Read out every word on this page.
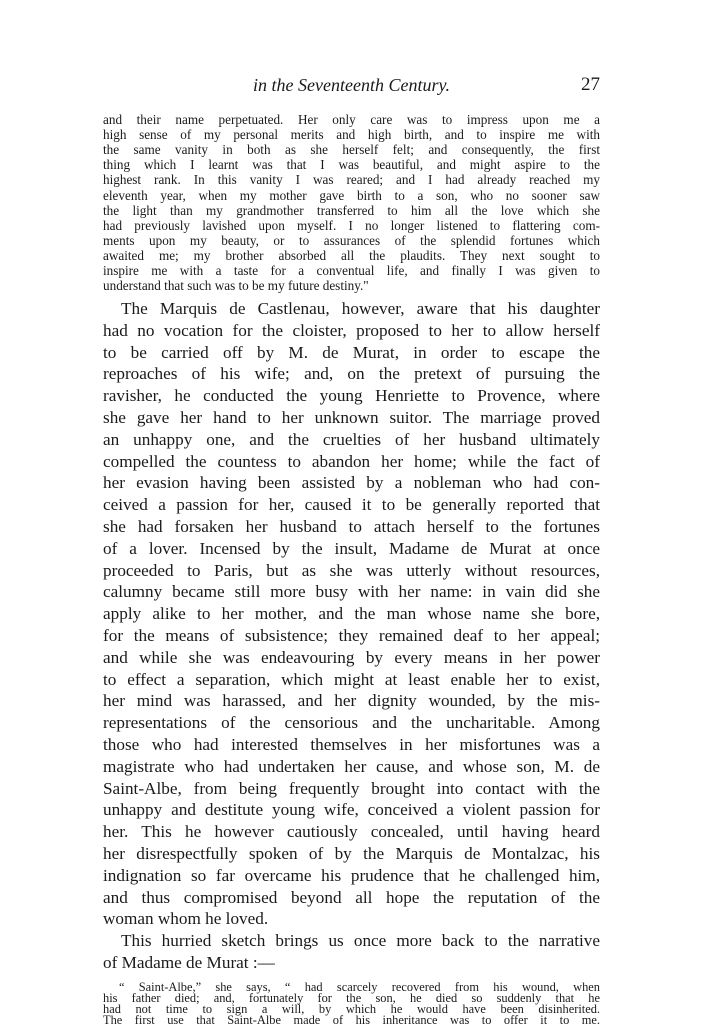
in the Seventeenth Century.	27
and their name perpetuated. Her only care was to impress upon me a
high sense of my personal merits and high birth, and to inspire me with
the same vanity in both as she herself felt; and consequently, the first
thing which I learnt was that I was beautiful, and might aspire to the
highest rank. In this vanity I was reared; and I had already reached my
eleventh year, when my mother gave birth to a son, who no sooner saw
the light than my grandmother transferred to him all the love which she
had previously lavished upon myself. I no longer listened to flattering com-
ments upon my beauty, or to assurances of the splendid fortunes which
awaited me; my brother absorbed all the plaudits. They next sought to
inspire me with a taste for a conventual life, and finally I was given to
understand that such was to be my future destiny."
The Marquis de Castlenau, however, aware that his daughter
had no vocation for the cloister, proposed to her to allow herself
to be carried off by M. de Murat, in order to escape the
reproaches of his wife; and, on the pretext of pursuing the
ravisher, he conducted the young Henriette to Provence, where
she gave her hand to her unknown suitor. The marriage proved
an unhappy one, and the cruelties of her husband ultimately
compelled the countess to abandon her home; while the fact of
her evasion having been assisted by a nobleman who had con-
ceived a passion for her, caused it to be generally reported that
she had forsaken her husband to attach herself to the fortunes
of a lover. Incensed by the insult, Madame de Murat at once
proceeded to Paris, but as she was utterly without resources,
calumny became still more busy with her name: in vain did she
apply alike to her mother, and the man whose name she bore,
for the means of subsistence; they remained deaf to her appeal;
and while she was endeavouring by every means in her power
to effect a separation, which might at least enable her to exist,
her mind was harassed, and her dignity wounded, by the mis-
representations of the censorious and the uncharitable. Among
those who had interested themselves in her misfortunes was a
magistrate who had undertaken her cause, and whose son, M. de
Saint-Albe, from being frequently brought into contact with the
unhappy and destitute young wife, conceived a violent passion for
her. This he however cautiously concealed, until having heard
her disrespectfully spoken of by the Marquis de Montalzac, his
indignation so far overcame his prudence that he challenged him,
and thus compromised beyond all hope the reputation of the
woman whom he loved.
This hurried sketch brings us once more back to the narrative
of Madame de Murat :—
“ Saint-Albe,” she says, “ had scarcely recovered from his wound, when
his father died; and, fortunately for the son, he died so suddenly that he
had not time to sign a will, by which he would have been disinherited.
The first use that Saint-Albe made of his inheritance was to offer it to me.
